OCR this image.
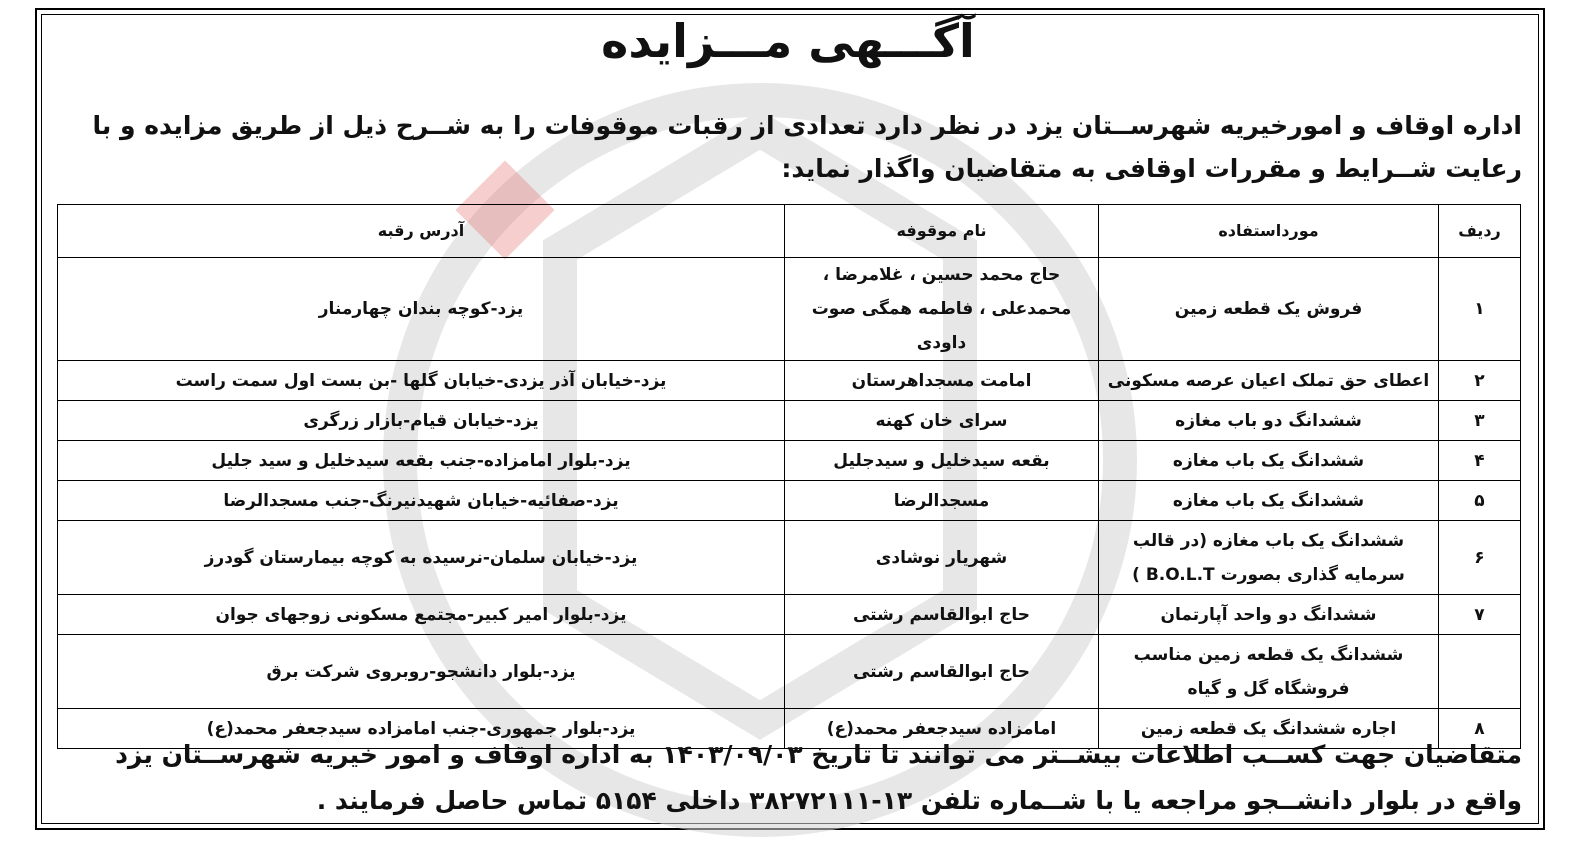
آگـــهی مـــزایده
اداره اوقاف و امورخیریه شهرســتان یزد در نظر دارد تعدادی از رقبات موقوفات را به شــرح ذیل از طریق مزایده و با رعایت شــرایط و مقررات اوقافی به متقاضیان واگذار نماید:
ردیف	مورداستفاده	نام موقوفه	آدرس رقبه
۱	فروش یک قطعه زمین	حاج محمد حسین ، غلامرضا ، محمدعلی ، فاطمه همگی صوت داودی	یزد-کوچه بندان چهارمنار
۲	اعطای حق تملک اعیان عرصه مسکونی	امامت مسجداهرستان	یزد-خیابان آذر یزدی-خیابان گلها -بن بست اول سمت راست
۳	ششدانگ دو باب مغازه	سرای خان کهنه	یزد-خیابان قیام-بازار زرگری
۴	ششدانگ یک باب مغازه	بقعه سیدخلیل و سیدجلیل	یزد-بلوار امامزاده-جنب بقعه سیدخلیل و سید جلیل
۵	ششدانگ یک باب مغازه	مسجدالرضا	یزد-صفائیه-خیابان شهیدنیرنگ-جنب مسجدالرضا
۶	ششدانگ یک باب مغازه (در قالب سرمایه گذاری بصورت B.O.L.T )	شهریار نوشادی	یزد-خیابان سلمان-نرسیده به کوچه بیمارستان گودرز
۷	ششدانگ دو واحد آپارتمان	حاج ابوالقاسم رشتی	یزد-بلوار امیر کبیر-مجتمع مسکونی زوجهای جوان
	ششدانگ یک قطعه زمین مناسب فروشگاه گل و گیاه	حاج ابوالقاسم رشتی	یزد-بلوار دانشجو-روبروی شرکت برق
۸	اجاره ششدانگ یک قطعه زمین	امامزاده سیدجعفر محمد(ع)	یزد-بلوار جمهوری-جنب امامزاده سیدجعفر محمد(ع)
متقاضیان جهت کســب اطلاعات بیشــتر می توانند تا تاریخ ۱۴۰۳/۰۹/۰۳ به اداره اوقاف و امور خیریه شهرســتان یزد واقع در بلوار دانشــجو مراجعه یا با شــماره تلفن ۱۳-۳۸۲۷۲۱۱۱ داخلی ۵۱۵۴ تماس حاصل فرمایند .
